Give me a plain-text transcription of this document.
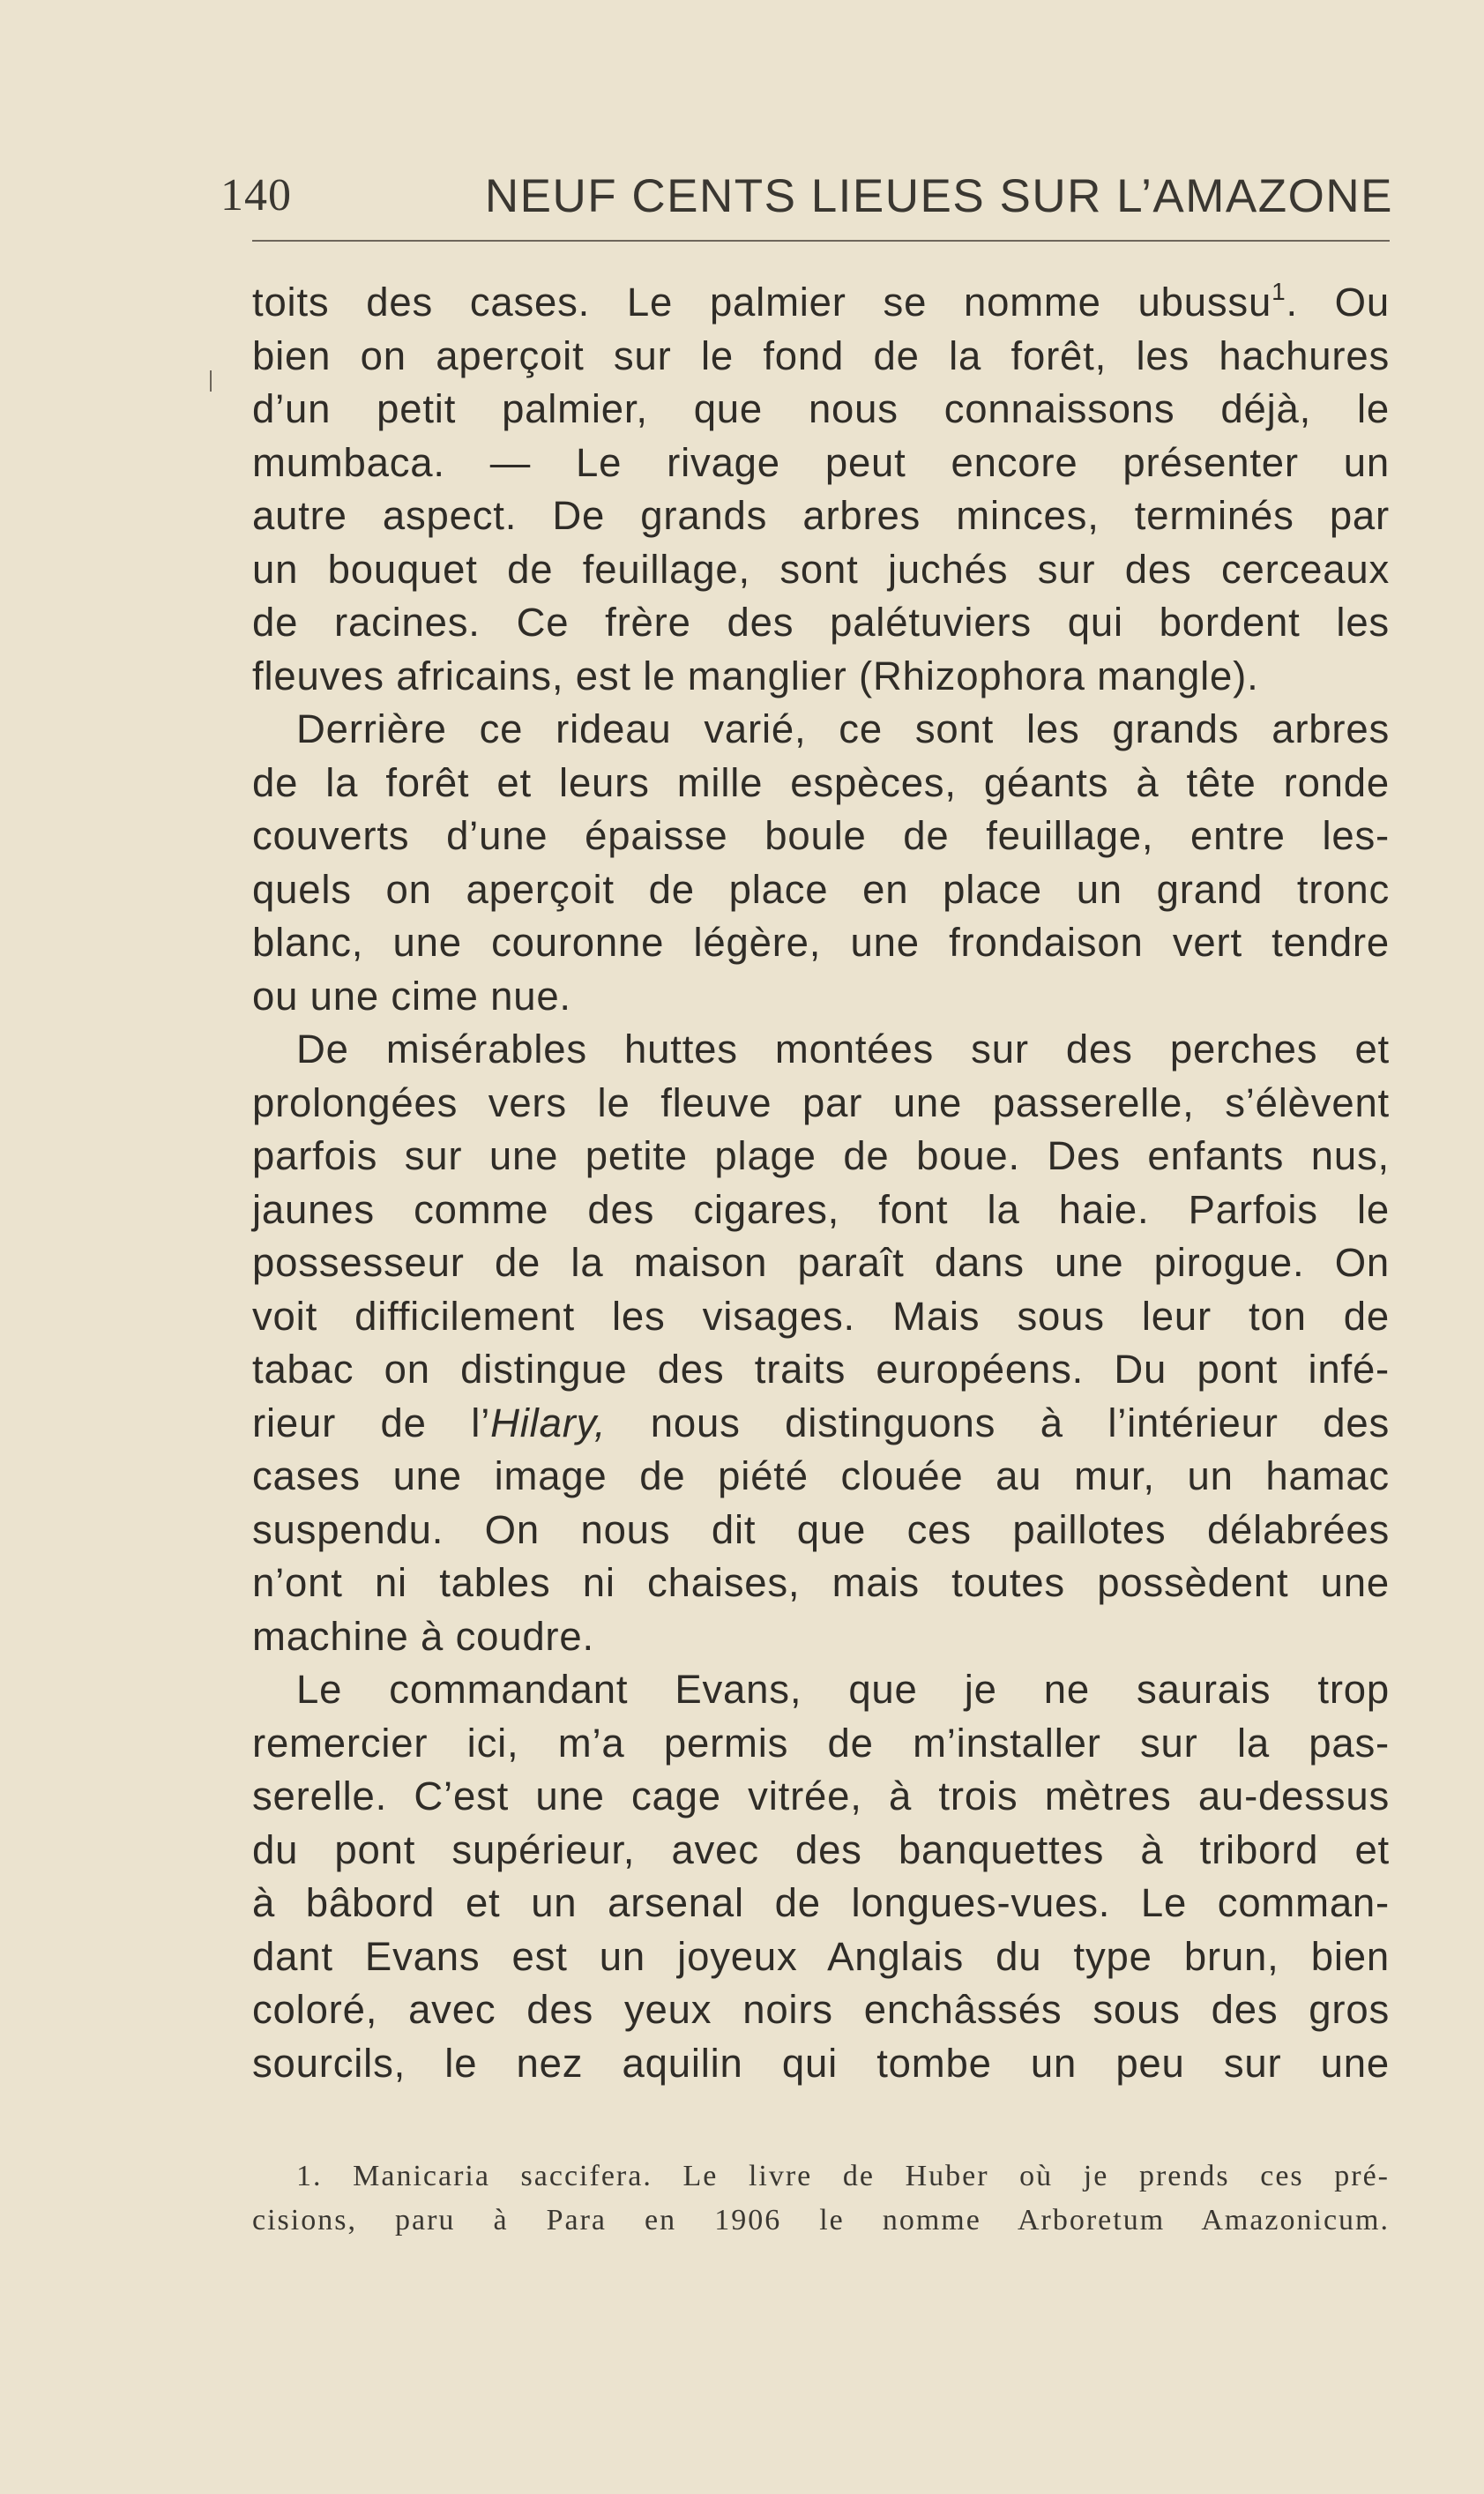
140	NEUF CENTS LIEUES SUR L’AMAZONE

toits des cases. Le palmier se nomme ubussu$^1$. Ou

bien on aperçoit sur le fond de la forêt, les hachures

d’un petit palmier, que nous connaissons déjà, le

mumbaca. — Le rivage peut encore présenter un

autre aspect. De grands arbres minces, terminés par

un bouquet de feuillage, sont juchés sur des cerceaux

de racines. Ce frère des palétuviers qui bordent les

fleuves africains, est le manglier (Rhizophora mangle).

Derrière ce rideau varié, ce sont les grands arbres

de la forêt et leurs mille espèces, géants à tête ronde

couverts d’une épaisse boule de feuillage, entre les-

quels on aperçoit de place en place un grand tronc

blanc, une couronne légère, une frondaison vert tendre

ou une cime nue.

De misérables huttes montées sur des perches et

prolongées vers le fleuve par une passerelle, s’élèvent

parfois sur une petite plage de boue. Des enfants nus,

jaunes comme des cigares, font la haie. Parfois le

possesseur de la maison paraît dans une pirogue. On

voit difficilement les visages. Mais sous leur ton de

tabac on distingue des traits européens. Du pont infé-

rieur de l’Hilary, nous distinguons à l’intérieur des

cases une image de piété clouée au mur, un hamac

suspendu. On nous dit que ces paillotes délabrées

n’ont ni tables ni chaises, mais toutes possèdent une

machine à coudre.

Le commandant Evans, que je ne saurais trop

remercier ici, m’a permis de m’installer sur la pas-

serelle. C’est une cage vitrée, à trois mètres au-dessus

du pont supérieur, avec des banquettes à tribord et

à bâbord et un arsenal de longues-vues. Le comman-

dant Evans est un joyeux Anglais du type brun, bien

coloré, avec des yeux noirs enchâssés sous des gros

sourcils, le nez aquilin qui tombe un peu sur une

1. Manicaria saccifera. Le livre de Huber où je prends ces pré-

cisions, paru à Para en 1906 le nomme Arboretum Amazonicum.
